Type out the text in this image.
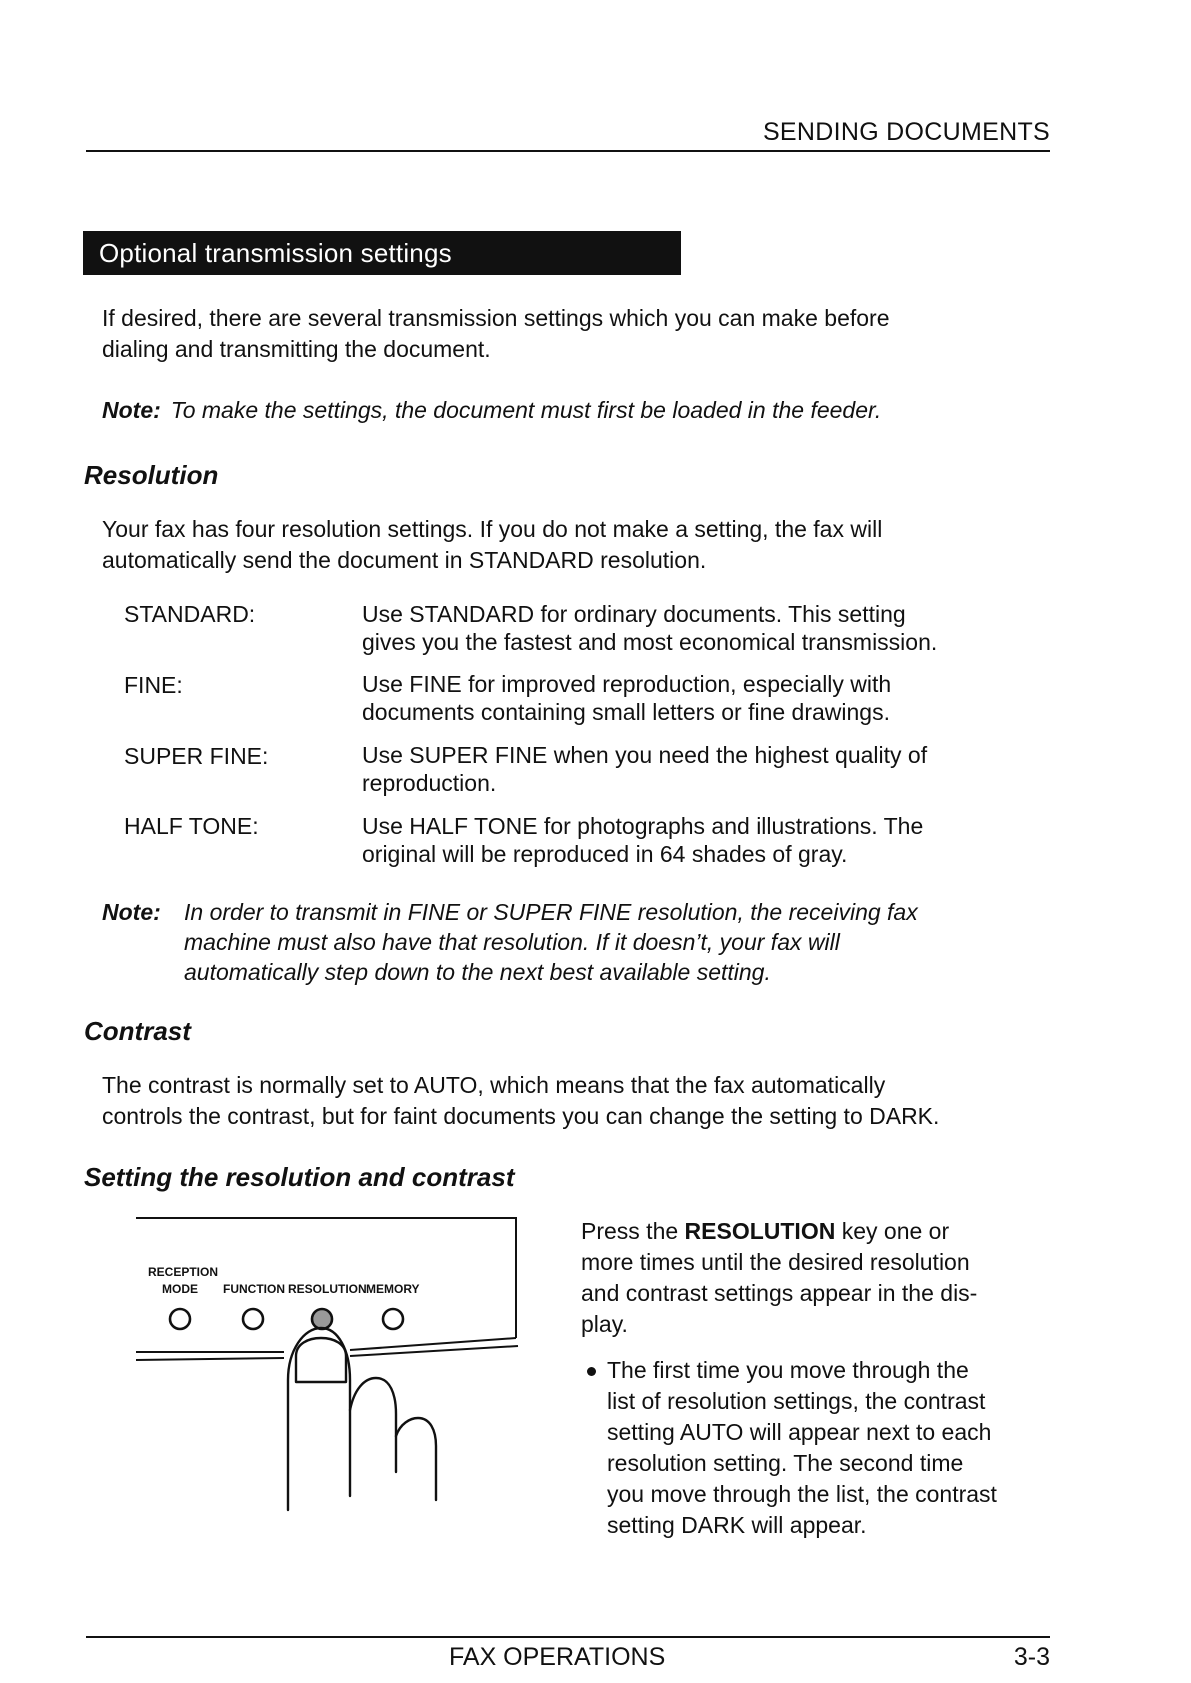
SENDING DOCUMENTS
Optional transmission settings
If desired, there are several transmission settings which you can make before
dialing and transmitting the document.
Note: To make the settings, the document must first be loaded in the feeder.
Resolution
Your fax has four resolution settings. If you do not make a setting, the fax will
automatically send the document in STANDARD resolution.
STANDARD:	Use STANDARD for ordinary documents. This setting
gives you the fastest and most economical transmission.
FINE:	Use FINE for improved reproduction, especially with
documents containing small letters or fine drawings.
SUPER FINE:	Use SUPER FINE when you need the highest quality of
reproduction.
HALF TONE:	Use HALF TONE for photographs and illustrations. The
original will be reproduced in 64 shades of gray.
Note: In order to transmit in FINE or SUPER FINE resolution, the receiving fax
machine must also have that resolution. If it doesn’t, your fax will
automatically step down to the next best available setting.
Contrast
The contrast is normally set to AUTO, which means that the fax automatically
controls the contrast, but for faint documents you can change the setting to DARK.
Setting the resolution and contrast
RECEPTION
MODE FUNCTION RESOLUTION MEMORY
Press the RESOLUTION key one or
more times until the desired resolution
and contrast settings appear in the dis-
play.
The first time you move through the
list of resolution settings, the contrast
setting AUTO will appear next to each
resolution setting. The second time
you move through the list, the contrast
setting DARK will appear.
FAX OPERATIONS	3-3
